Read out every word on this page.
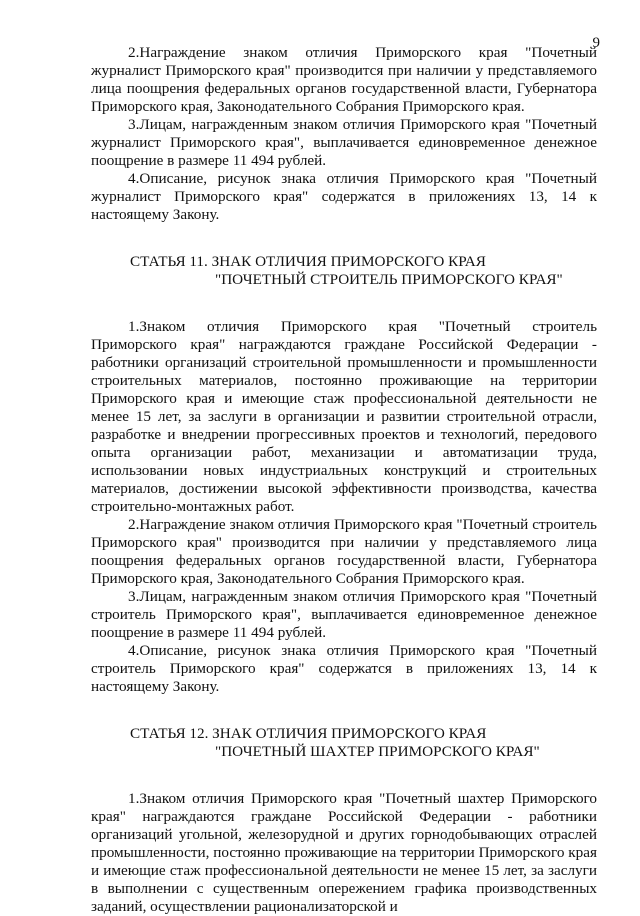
9

2.Награждение знаком отличия Приморского края "Почетный журналист Приморского края" производится при наличии у представляемого лица поощрения федеральных органов государственной власти, Губернатора Приморского края, Законодательного Собрания Приморского края.

3.Лицам, награжденным знаком отличия Приморского края "Почетный журналист Приморского края", выплачивается единовременное денежное поощрение в размере 11 494 рублей.

4.Описание, рисунок знака отличия Приморского края "Почетный журналист Приморского края" содержатся в приложениях 13, 14 к настоящему Закону.

СТАТЬЯ 11. ЗНАК ОТЛИЧИЯ ПРИМОРСКОГО КРАЯ
"ПОЧЕТНЫЙ СТРОИТЕЛЬ ПРИМОРСКОГО КРАЯ"

1.Знаком отличия Приморского края "Почетный строитель Приморского края" награждаются граждане Российской Федерации - работники организаций строительной промышленности и промышленности строительных материалов, постоянно проживающие на территории Приморского края и имеющие стаж профессиональной деятельности не менее 15 лет, за заслуги в организации и развитии строительной отрасли, разработке и внедрении прогрессивных проектов и технологий, передового опыта организации работ, механизации и автоматизации труда, использовании новых индустриальных конструкций и строительных материалов, достижении высокой эффективности производства, качества строительно-монтажных работ.

2.Награждение знаком отличия Приморского края "Почетный строитель Приморского края" производится при наличии у представляемого лица поощрения федеральных органов государственной власти, Губернатора Приморского края, Законодательного Собрания Приморского края.

3.Лицам, награжденным знаком отличия Приморского края "Почетный строитель Приморского края", выплачивается единовременное денежное поощрение в размере 11 494 рублей.

4.Описание, рисунок знака отличия Приморского края "Почетный строитель Приморского края" содержатся в приложениях 13, 14 к настоящему Закону.

СТАТЬЯ 12. ЗНАК ОТЛИЧИЯ ПРИМОРСКОГО КРАЯ
"ПОЧЕТНЫЙ ШАХТЕР ПРИМОРСКОГО КРАЯ"

1.Знаком отличия Приморского края "Почетный шахтер Приморского края" награждаются граждане Российской Федерации - работники организаций угольной, железорудной и других горнодобывающих отраслей промышленности, постоянно проживающие на территории Приморского края и имеющие стаж профессиональной деятельности не менее 15 лет, за заслуги в выполнении с существенным опережением графика производственных заданий, осуществлении рационализаторской и
